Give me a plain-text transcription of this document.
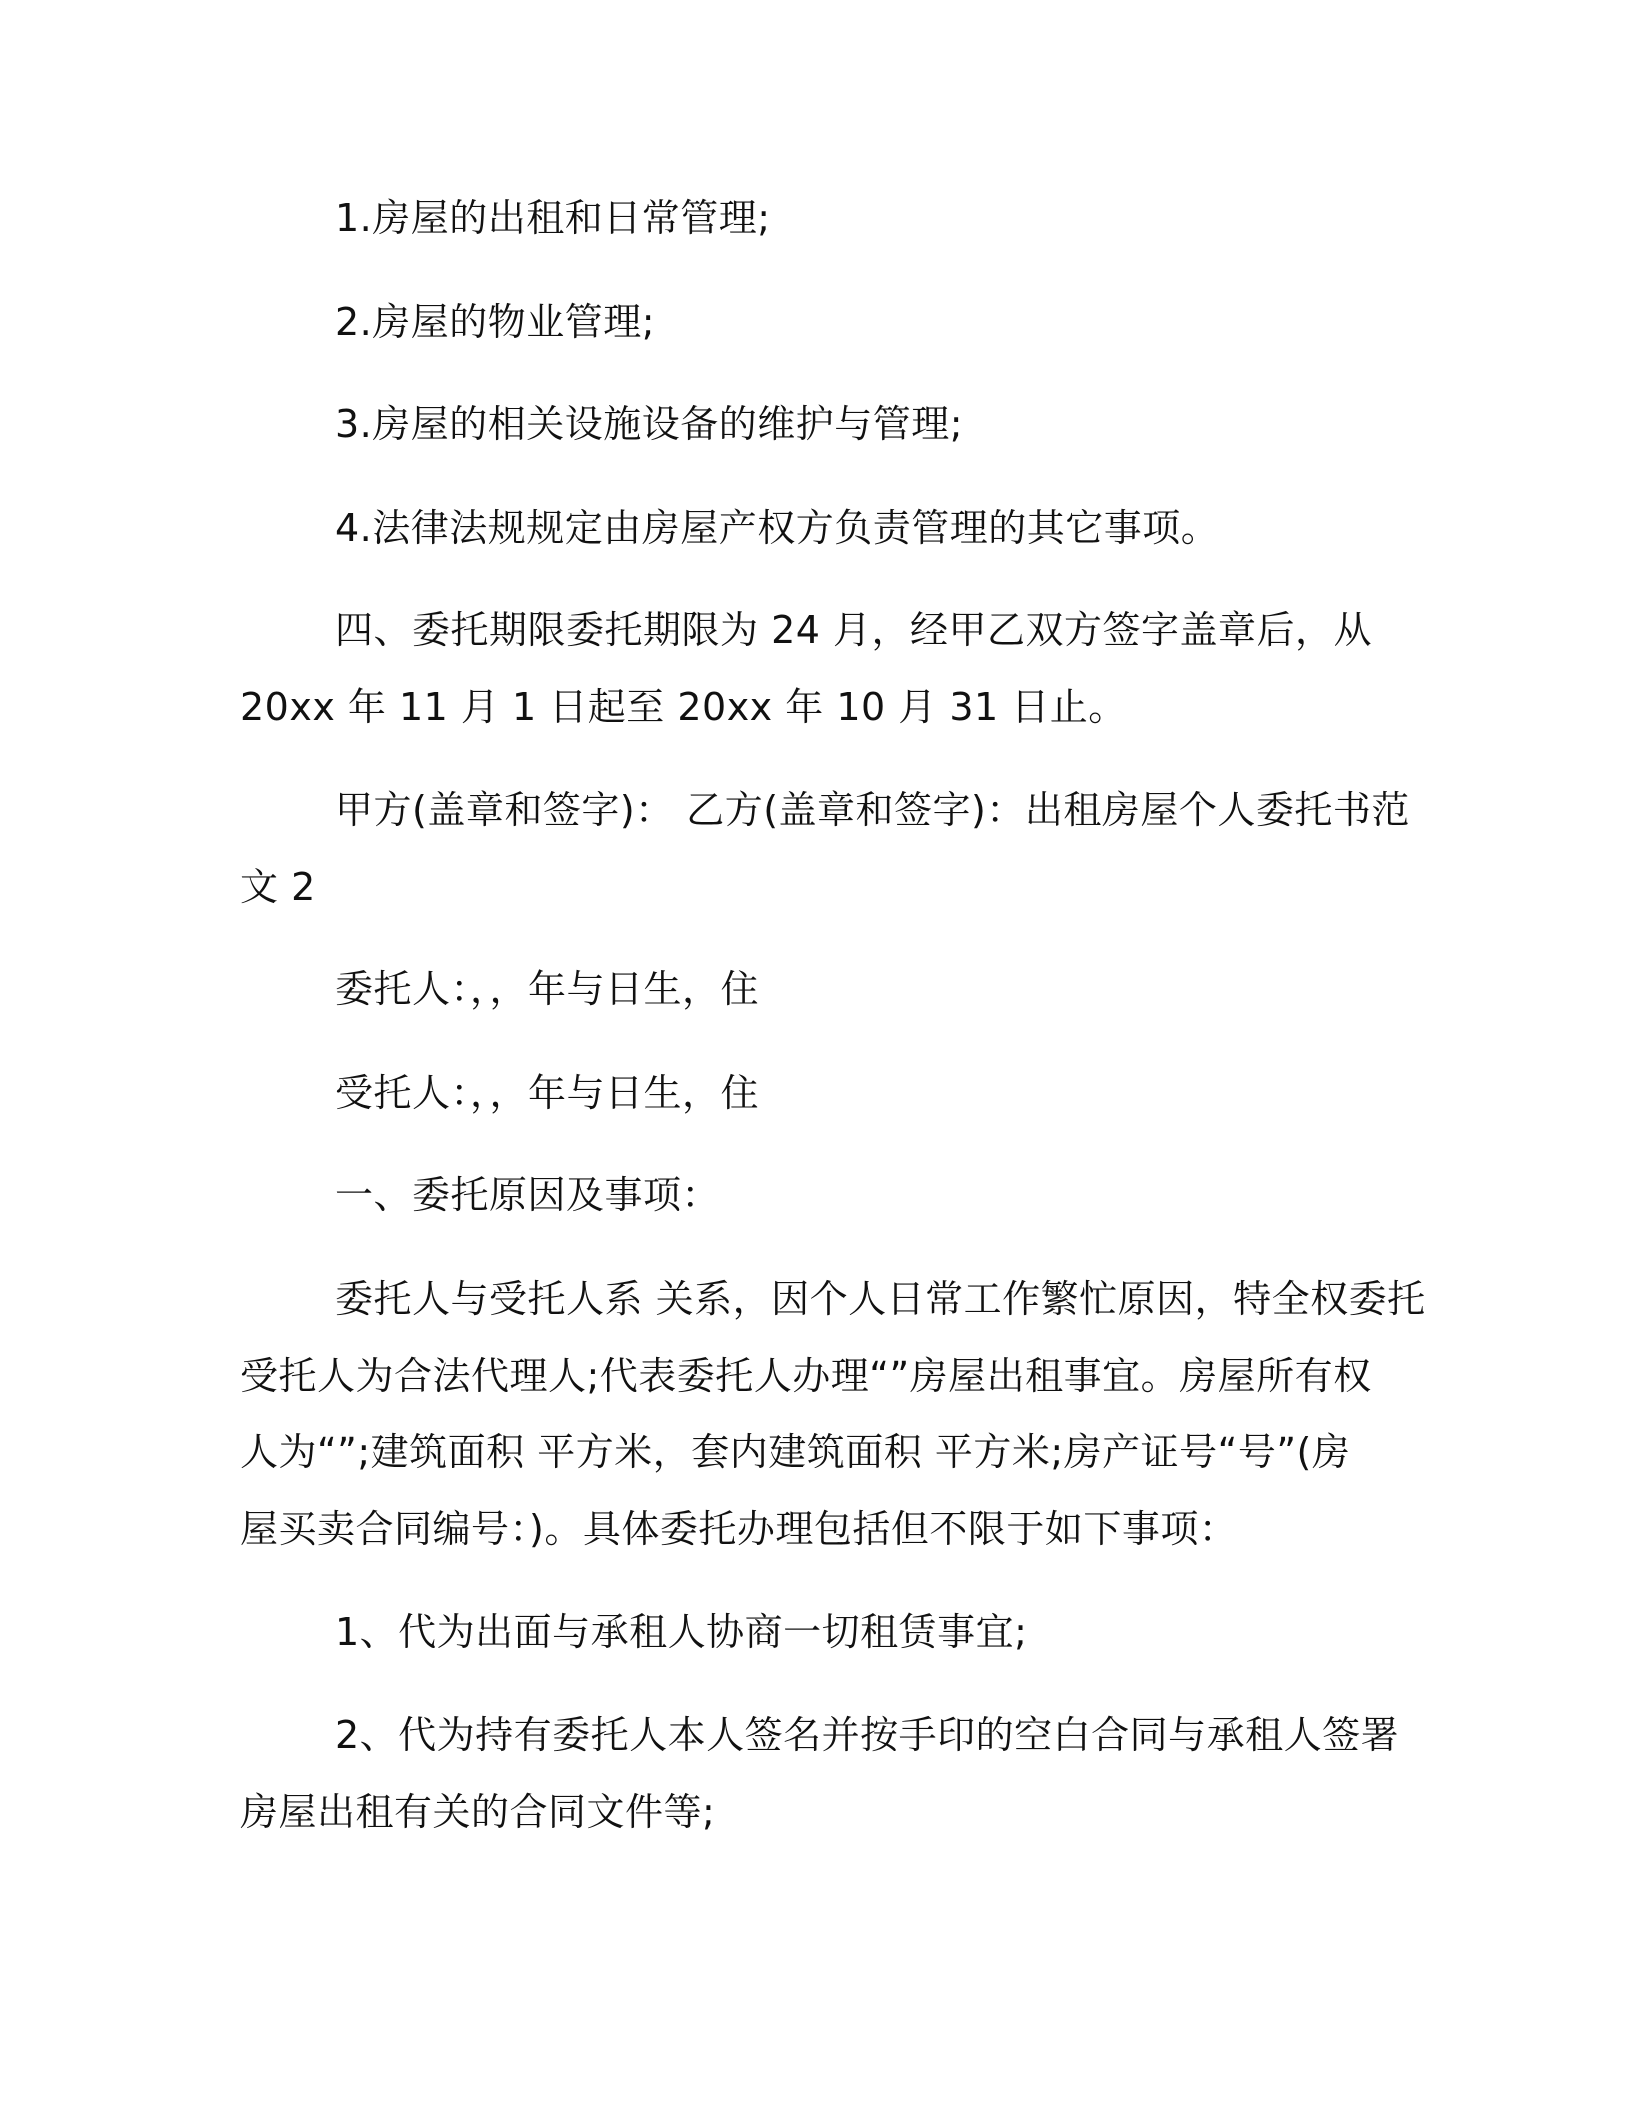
1.房屋的出租和日常管理;
2.房屋的物业管理;
3.房屋的相关设施设备的维护与管理;
4.法律法规规定由房屋产权方负责管理的其它事项。
四、委托期限委托期限为 24 月，经甲乙双方签字盖章后，从
20xx 年 11 月 1 日起至 20xx 年 10 月 31 日止。
甲方(盖章和签字)： 乙方(盖章和签字)：出租房屋个人委托书范
文 2
委托人：，，年与日生，住
受托人：，，年与日生，住
一、委托原因及事项：
委托人与受托人系 关系，因个人日常工作繁忙原因，特全权委托
受托人为合法代理人;代表委托人办理“”房屋出租事宜。房屋所有权
人为“”;建筑面积 平方米，套内建筑面积 平方米;房产证号“号”(房
屋买卖合同编号：)。具体委托办理包括但不限于如下事项：
1、代为出面与承租人协商一切租赁事宜;
2、代为持有委托人本人签名并按手印的空白合同与承租人签署
房屋出租有关的合同文件等;
